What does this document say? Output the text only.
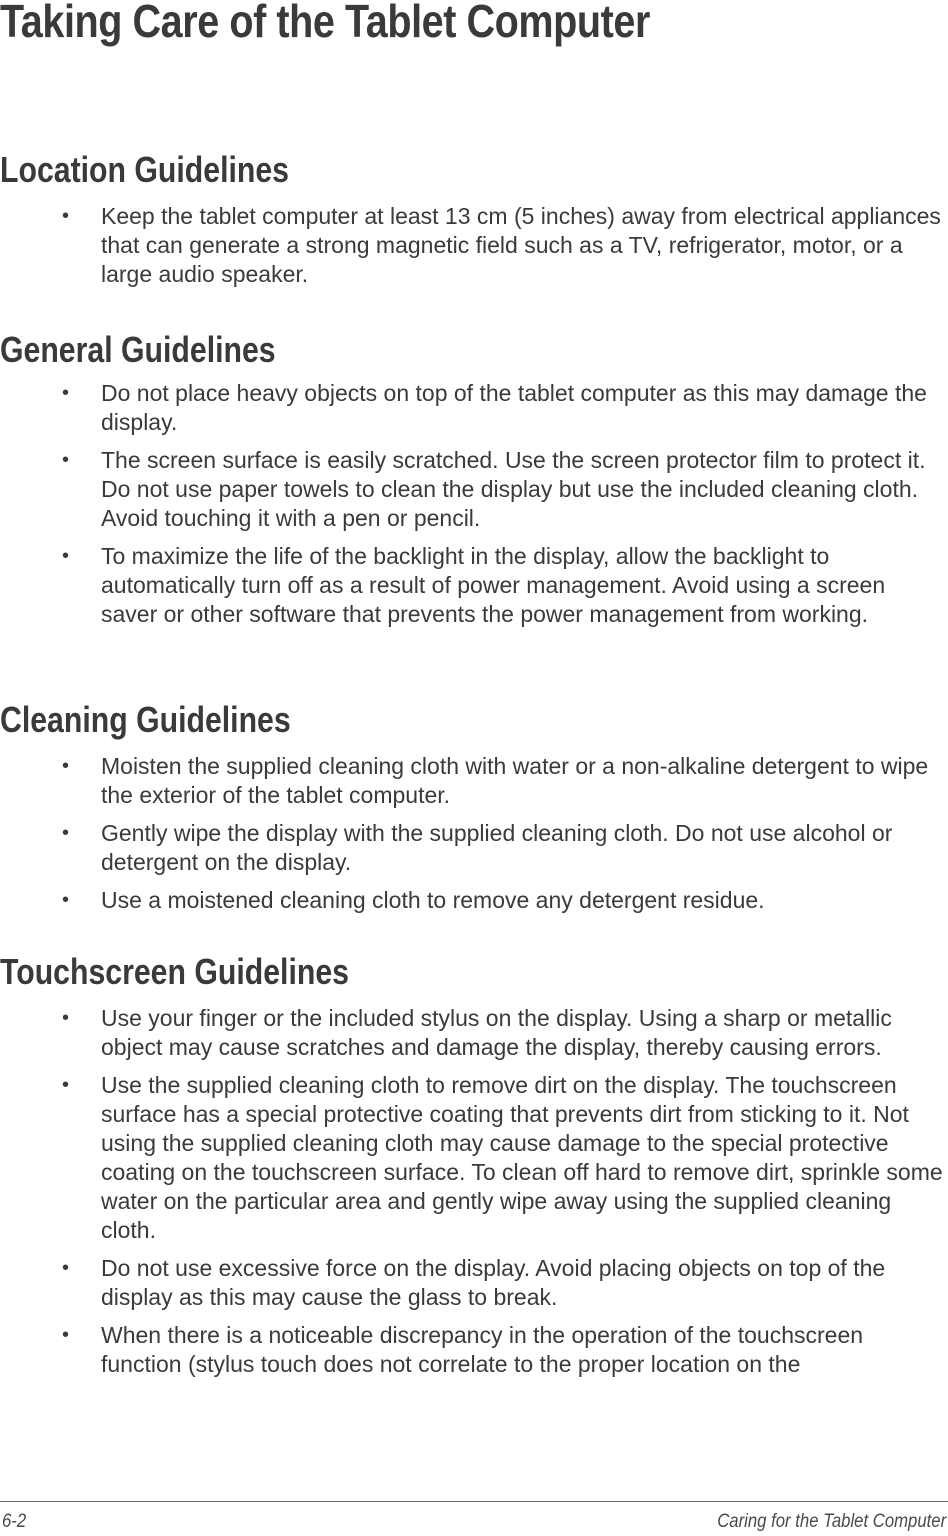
Taking Care of the Tablet Computer
Location Guidelines
• Keep the tablet computer at least 13 cm (5 inches) away from electrical appliances that can generate a strong magnetic field such as a TV, refrigerator, motor, or a large audio speaker.
General Guidelines
• Do not place heavy objects on top of the tablet computer as this may damage the display.
• The screen surface is easily scratched. Use the screen protector film to protect it. Do not use paper towels to clean the display but use the included cleaning cloth. Avoid touching it with a pen or pencil.
• To maximize the life of the backlight in the display, allow the backlight to automatically turn off as a result of power management. Avoid using a screen saver or other software that prevents the power management from working.
Cleaning Guidelines
• Moisten the supplied cleaning cloth with water or a non-alkaline detergent to wipe the exterior of the tablet computer.
• Gently wipe the display with the supplied cleaning cloth. Do not use alcohol or detergent on the display.
• Use a moistened cleaning cloth to remove any detergent residue.
Touchscreen Guidelines
• Use your finger or the included stylus on the display. Using a sharp or metallic object may cause scratches and damage the display, thereby causing errors.
• Use the supplied cleaning cloth to remove dirt on the display. The touchscreen surface has a special protective coating that prevents dirt from sticking to it. Not using the supplied cleaning cloth may cause damage to the special protective coating on the touchscreen surface. To clean off hard to remove dirt, sprinkle some water on the particular area and gently wipe away using the supplied cleaning cloth.
• Do not use excessive force on the display. Avoid placing objects on top of the display as this may cause the glass to break.
• When there is a noticeable discrepancy in the operation of the touchscreen function (stylus touch does not correlate to the proper location on the
6-2	Caring for the Tablet Computer
